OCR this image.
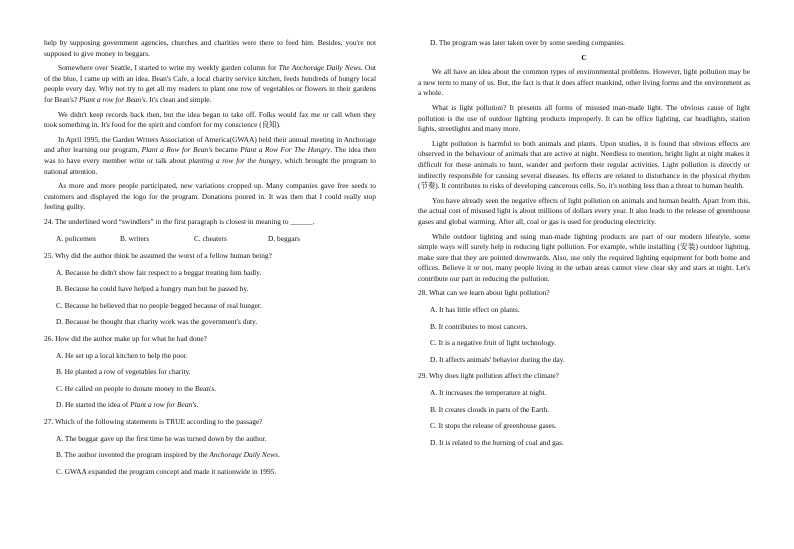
help by supposing government agencies, churches and charities were there to feed him. Besides, you're not supposed to give money to beggars.

Somewhere over Seattle, I started to write my weekly garden column for The Anchorage Daily News. Out of the blue, I came up with an idea. Bean's Cafe, a local charity service kitchen, feeds hundreds of hungry local people every day. Why not try to get all my readers to plant one row of vegetables or flowers in their gardens for Bean's? Plant a row for Bean's. It's clean and simple.

We didn't keep records back then, but the idea began to take off. Folks would fax me or call when they took something in. It's food for the spirit and comfort for my conscience (良知).

In April 1995, the Garden Writers Association of America(GWAA) held their annual meeting in Anchorage and after learning our program, Plant a Row for Bean's became Plant a Row For The Hungry. The idea then was to have every member write or talk about planting a row for the hungry, which brought the program to national attention.

As more and more people participated, new variations cropped up. Many companies gave free seeds to customers and displayed the logo for the program. Donations poured in. It was then that I could really stop feeling guilty.

24. The underlined word “swindlers” in the first paragraph is closest in meaning to ______.

A. policemen	B. writers	C. cheaters	D. beggars

25. Why did the author think he assumed the worst of a fellow human being?

A. Because he didn't show fair respect to a beggar treating him badly.

B. Because he could have helped a hungry man but he passed by.

C. Because he believed that no people begged because of real hunger.

D. Because he thought that charity work was the government's duty.

26. How did the author make up for what he had done?

A. He set up a local kitchen to help the poor.

B. He planted a row of vegetables for charity.

C. He called on people to donate money to the Bean's.

D. He started the idea of Plant a row for Bean's.

27. Which of the following statements is TRUE according to the passage?

A. The beggar gave up the first time he was turned down by the author.

B. The author invented the program inspired by the Anchorage Daily News.

C. GWAA expanded the program concept and made it nationwide in 1995.

D. The program was later taken over by some seeding companies.

C

We all have an idea about the common types of environmental problems. However, light pollution may be a new term to many of us. But, the fact is that it does affect mankind, other living forms and the environment as a whole.

What is light pollution? It presents all forms of misused man-made light. The obvious cause of light pollution is the use of outdoor lighting products improperly. It can be office lighting, car headlights, station lights, streetlights and many more.

Light pollution is harmful to both animals and plants. Upon studies, it is found that obvious effects are observed in the behaviour of animals that are active at night. Needless to mention, bright light at night makes it difficult for these animals to hunt, wander and perform their regular activities. Light pollution is directly or indirectly responsible for causing several diseases. Its effects are related to disturbance in the physical rhythm (节奏). It contributes to risks of developing cancerous cells. So, it's nothing less than a threat to human health.

You have already seen the negative effects of light pollution on animals and human health. Apart from this, the actual cost of misused light is about millions of dollars every year. It also leads to the release of greenhouse gases and global warming. After all, coal or gas is used for producing electricity.

While outdoor lighting and using man-made lighting products are part of our modern lifestyle, some simple ways will surely help in reducing light pollution. For example, while installing (安装) outdoor lighting, make sure that they are pointed downwards. Also, use only the required lighting equipment for both home and offices. Believe it or not, many people living in the urban areas cannot view clear sky and stars at night. Let's contribute our part in reducing the pollution.

28. What can we learn about light pollution?

A. It has little effect on plants.

B. It contributes to most cancers.

C. It is a negative fruit of light technology.

D. It affects animals' behavior during the day.

29. Why does light pollution affect the climate?

A. It increases the temperature at night.

B. It creates clouds in parts of the Earth.

C. It stops the release of greenhouse gases.

D. It is related to the burning of coal and gas.
